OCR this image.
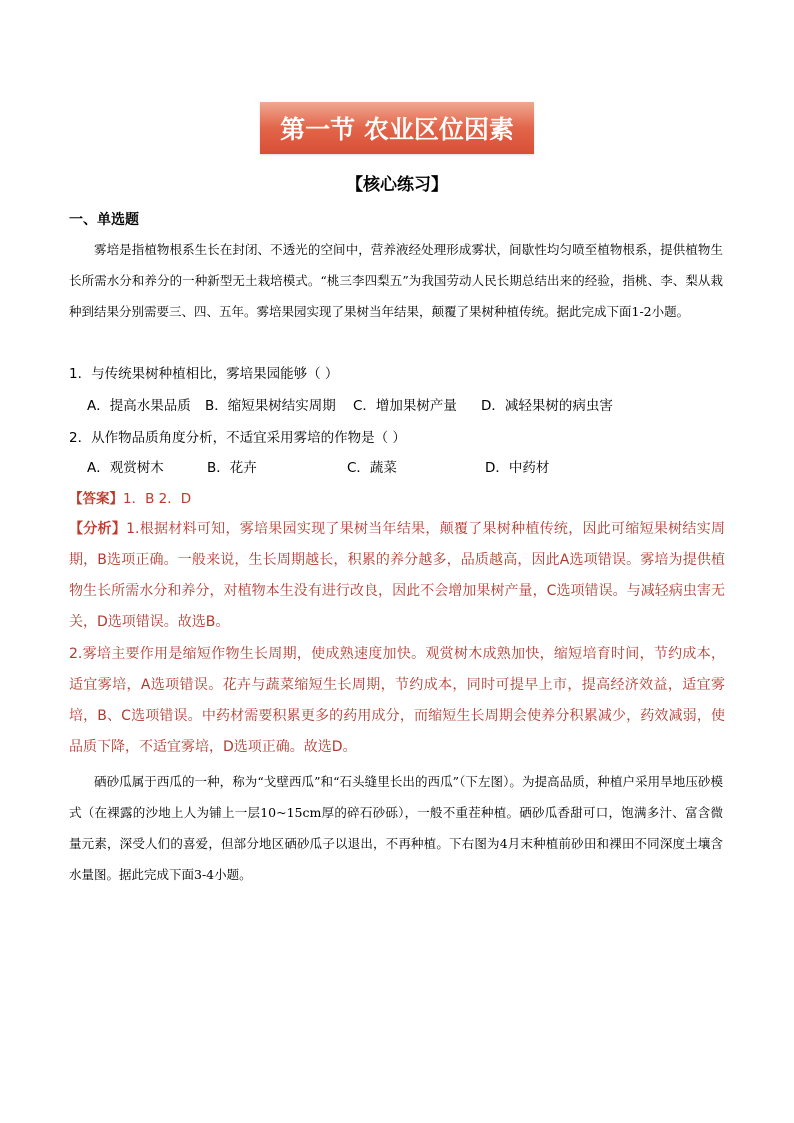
第一节 农业区位因素
【核心练习】
一、单选题
雾培是指植物根系生长在封闭、不透光的空间中，营养液经处理形成雾状，间歇性均匀喷至植物根系，提供植物生长所需水分和养分的一种新型无土栽培模式。“桃三李四梨五”为我国劳动人民长期总结出来的经验，指桃、李、梨从栽种到结果分别需要三、四、五年。雾培果园实现了果树当年结果，颠覆了果树种植传统。据此完成下面1-2小题。
1．与传统果树种植相比，雾培果园能够（ ）
A．提高水果品质 B．缩短果树结实周期 C．增加果树产量 D．减轻果树的病虫害
2．从作物品质角度分析，不适宜采用雾培的作物是（ ）
A．观赏树木	B．花卉	C．蔬菜	D．中药材
【答案】1．B 2．D
【分析】1.根据材料可知，雾培果园实现了果树当年结果，颠覆了果树种植传统，因此可缩短果树结实周期，B选项正确。一般来说，生长周期越长，积累的养分越多，品质越高，因此A选项错误。雾培为提供植物生长所需水分和养分，对植物本生没有进行改良，因此不会增加果树产量，C选项错误。与减轻病虫害无关，D选项错误。故选B。
2.雾培主要作用是缩短作物生长周期，使成熟速度加快。观赏树木成熟加快，缩短培育时间，节约成本，适宜雾培，A选项错误。花卉与蔬菜缩短生长周期，节约成本，同时可提早上市，提高经济效益，适宜雾培，B、C选项错误。中药材需要积累更多的药用成分，而缩短生长周期会使养分积累减少，药效减弱，使品质下降，不适宜雾培，D选项正确。故选D。
硒砂瓜属于西瓜的一种，称为“戈壁西瓜”和“石头缝里长出的西瓜”（下左图）。为提高品质，种植户采用旱地压砂模式（在裸露的沙地上人为铺上一层10~15cm厚的碎石砂砾），一般不重茬种植。硒砂瓜香甜可口，饱满多汁、富含微量元素，深受人们的喜爱，但部分地区硒砂瓜子以退出，不再种植。下右图为4月末种植前砂田和裸田不同深度土壤含水量图。据此完成下面3-4小题。
